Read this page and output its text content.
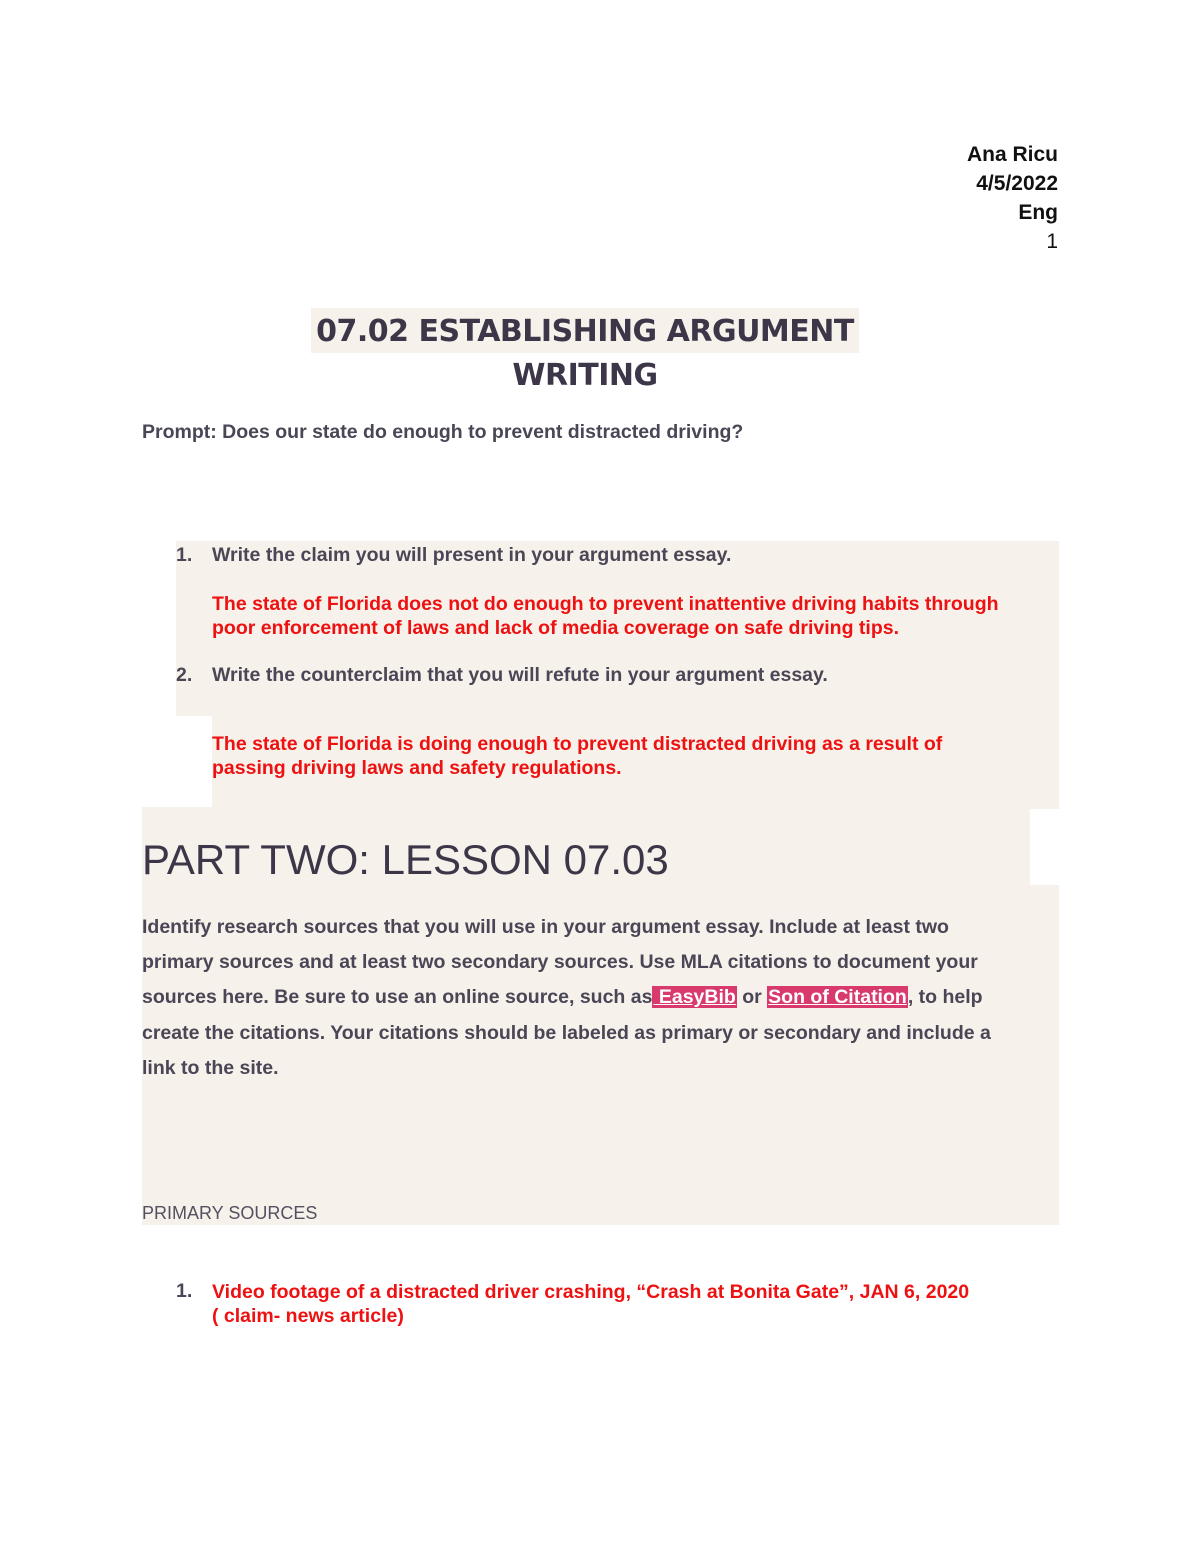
Ana Ricu
4/5/2022
Eng
1
07.02 ESTABLISHING ARGUMENT WRITING
Prompt: Does our state do enough to prevent distracted driving?
1. Write the claim you will present in your argument essay.
The state of Florida does not do enough to prevent inattentive driving habits through
poor enforcement of laws and lack of media coverage on safe driving tips.
2. Write the counterclaim that you will refute in your argument essay.
The state of Florida is doing enough to prevent distracted driving as a result of
passing driving laws and safety regulations.
PART TWO: LESSON 07.03
Identify research sources that you will use in your argument essay. Include at least two
primary sources and at least two secondary sources. Use MLA citations to document your
sources here. Be sure to use an online source, such as EasyBib or Son of Citation, to help
create the citations. Your citations should be labeled as primary or secondary and include a
link to the site.
PRIMARY SOURCES
1. Video footage of a distracted driver crashing, “Crash at Bonita Gate”, JAN 6, 2020
( claim- news article)
